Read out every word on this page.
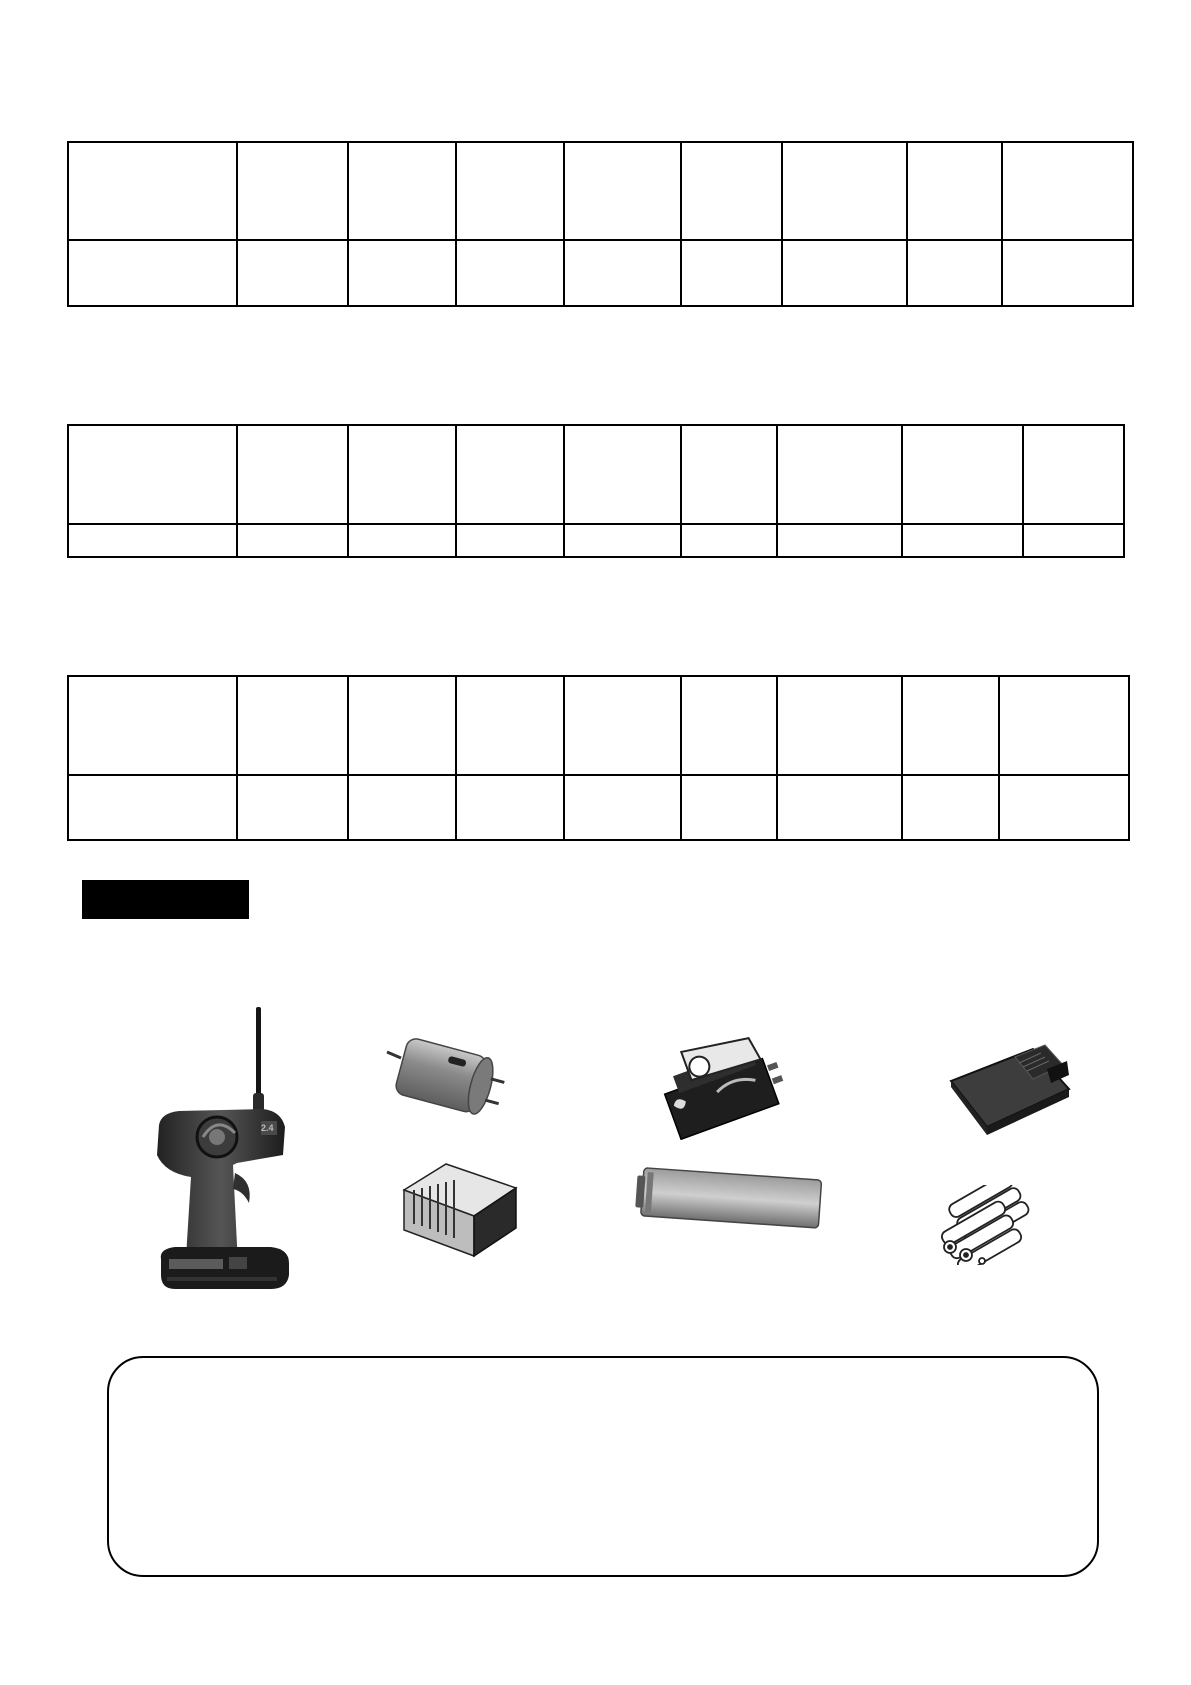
2.4
